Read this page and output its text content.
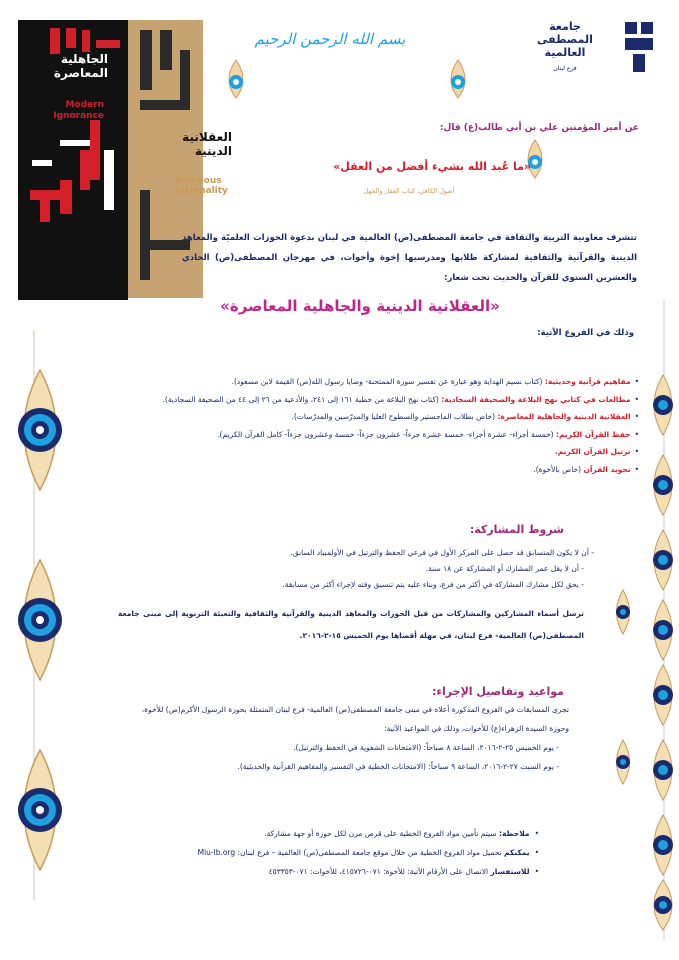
الجاهلية
المعاصرة
Modern
Ignorance
العقلانية
الدينية
Religious
rationality
جامعة
المصطفى
العالمية
فرع لبنان
بسم الله الرحمن الرحيم
عن أمير المؤمنين علي بن أبي طالب(ع) قال:
«ما عُبد الله بشيء أفضل من العقل»
أصول الكافي، كتاب العقل والجهل
تتشرف معاونية التربية والثقافة في جامعة المصطفى(ص) العالمية في لبنان بدعوة الحوزات العلميّة والمعاهد الدينية والقرآنية والثقافية لمشاركة طلابها ومدرسيها إخوة وأخوات، في مهرجان المصطفى(ص) الحادي والعشرين السنوي للقرآن والحديث تحت شعار:
«العقلانية الدينية والجاهلية المعاصرة»
وذلك في الفروع الآتية:
•مفاهيم قرآنية وحديثية: (كتاب نسيم الهداية وهو عبارة عن تفسير سورة الممتحنة- وصايا رسول الله(ص) القيمة لابن مسعود).
•مطالعات في كتابي نهج البلاغة والصحيفة السجادية: (كتاب نهج البلاغة من خطبة ١٦١ إلى ٢٤١، والأدعية من ٢٦ إلى ٤٤ من الصحيفة السجادية).
•العقلانية الدينية والجاهلية المعاصرة: (خاص بطلاب الماجستير والسطوح العليا والمدرّسين والمدرّسات).
•حفظ القرآن الكريم: (خمسة أجزاء- عشرة أجزاء- خمسة عشرة جزءاً- عشرون جزءاً- خمسة وعشرون جزءاً- كامل القرآن الكريم).
•ترتيل القرآن الكريم.
•تجويد القرآن (خاص بالأخوة).
شروط المشاركة:
- أن لا يكون المتسابق قد حصل على المركز الأول في فرعي الحفظ والترتيل في الأولمبياد السابق.
- أن لا يقل عمر المشارك أو المشاركة عن ١٨ سنة.
- يحق لكل مشارك المشاركة في أكثر من فرع، وبناء عليه يتم تنسيق وقته لإجراء أكثر من مسابقة.
ترسل أسماء المشاركين والمشاركات من قبل الحوزات والمعاهد الدينية والقرآنية والثقافية والتعبئة التربوية إلى مبنى جامعة المصطفى(ص) العالمية- فرع لبنان، في مهلة أقصاها يوم الخميس ١٥-٢-٢٠١٦.
مواعيد وتفاصيل الإجراء:
تجرى المسابقات في الفروع المذكورة أعلاه في مبنى جامعة المصطفى(ص) العالمية- فرع لبنان المتمثلة بحوزة الرسول الأكرم(ص) للأخوة،
وحوزة السيدة الزهراء(ع) للأخوات، وذلك في المواعيد الآتية:
- يوم الخميس ٢٥-٢-٢٠١٦، الساعة ٨ صباحاً: (الامتحانات الشفوية في الحفظ والترتيل).
- يوم السبت ٢٧-٢-٢٠١٦، الساعة ٩ صباحاً: (الامتحانات الخطية في التفسير والمفاهيم القرآنية والحديثية).
•ملاحظة: سيتم تأمين مواد الفروع الخطية على قرص مرن لكل حوزة أو جهة مشاركة.
•يمكنكم تحميل مواد الفروع الخطية من خلال موقع جامعة المصطفى(ص) العالمية – فرع لبنان: Miu-lb.org
•للاستفسار الاتصال على الأرقام الآتية: للأخوة: ٠٧١-٤١٥٧٢٦، للأخوات: ٠٧١-٤٥٣٣٥٣
